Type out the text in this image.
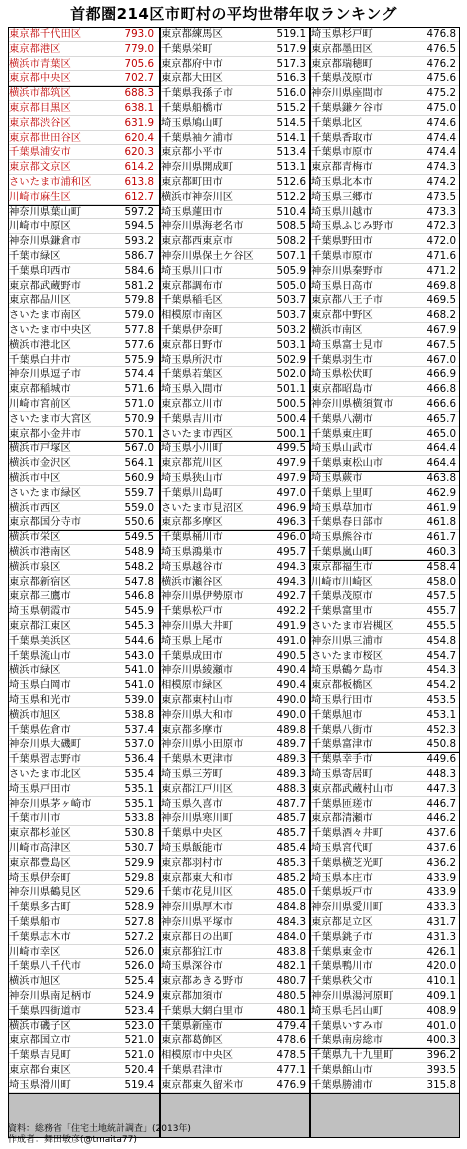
首都圏214区市町村の平均世帯年収ランキング
東京都千代田区	793.0
東京都港区	779.0
横浜市青葉区	705.6
東京都中央区	702.7
横浜市都筑区	688.3
東京都目黒区	638.1
東京都渋谷区	631.9
東京都世田谷区	620.4
千葉県浦安市	620.3
東京都文京区	614.2
さいたま市浦和区	613.8
川崎市麻生区	612.7
神奈川県葉山町	597.2
川崎市中原区	594.5
神奈川県鎌倉市	593.2
千葉市緑区	586.7
千葉県印西市	584.6
東京都武蔵野市	581.2
東京都品川区	579.8
さいたま市南区	579.0
さいたま市中央区	577.8
横浜市港北区	577.6
千葉県白井市	575.9
神奈川県逗子市	574.4
東京都稲城市	571.6
川崎市宮前区	571.0
さいたま市大宮区	570.9
東京都小金井市	570.1
横浜市戸塚区	567.0
横浜市金沢区	564.1
横浜市中区	560.9
さいたま市緑区	559.7
横浜市西区	559.0
東京都国分寺市	550.6
横浜市栄区	549.5
横浜市港南区	548.9
横浜市泉区	548.2
東京都新宿区	547.8
東京都三鷹市	546.8
埼玉県朝霞市	545.9
東京都江東区	545.3
千葉県美浜区	544.6
千葉県流山市	543.0
横浜市緑区	541.0
埼玉県白岡市	541.0
埼玉県和光市	539.0
横浜市旭区	538.8
千葉県佐倉市	537.4
神奈川県大磯町	537.0
千葉県習志野市	536.4
さいたま市北区	535.4
埼玉県戸田市	535.1
神奈川県茅ヶ崎市	535.1
千葉市川市	533.8
東京都杉並区	530.8
川崎市高津区	530.7
東京都豊島区	529.9
埼玉県伊奈町	529.8
神奈川県鶴見区	529.6
千葉県多古町	528.9
千葉県船市	527.8
千葉県志木市	527.2
川崎市幸区	526.0
千葉県八千代市	526.0
横浜市旭区	525.4
神奈川県南足柄市	524.9
千葉県四街道市	523.4
横浜市磯子区	523.0
東京都国立市	521.0
千葉県吉見町	521.0
東京都台東区	520.4
埼玉県滑川町	519.4
東京都練馬区	519.1
千葉県栄町	517.9
東京都府中市	517.3
東京都大田区	516.3
千葉県我孫子市	516.0
千葉県船橋市	515.2
埼玉県鳩山町	514.5
千葉県袖ケ浦市	514.1
東京都小平市	513.4
神奈川県開成町	513.1
東京都町田市	512.6
横浜市神奈川区	512.2
埼玉県蓮田市	510.4
神奈川県海老名市	508.5
東京都西東京市	508.2
神奈川県保土ケ谷区	507.1
埼玉県川口市	505.9
東京都調布市	505.0
千葉県稲毛区	503.7
相模原市南区	503.7
千葉県伊奈町	503.2
東京都日野市	503.1
埼玉県所沢市	502.9
千葉県若葉区	502.0
埼玉県入間市	501.1
東京都立川市	500.5
千葉県吉川市	500.4
さいたま市西区	500.1
埼玉県小川町	499.5
東京都荒川区	497.9
埼玉県狭山市	497.9
千葉県川島町	497.0
さいたま市見沼区	496.9
東京都多摩区	496.3
千葉県桶川市	496.0
埼玉県鴻巣市	495.7
埼玉県越谷市	494.3
横浜市瀬谷区	494.3
神奈川県伊勢原市	492.7
千葉県松戸市	492.2
神奈川県大井町	491.9
埼玉県上尾市	491.0
千葉県成田市	490.5
神奈川県綾瀬市	490.4
相模原市緑区	490.4
東京都東村山市	490.0
神奈川県大和市	490.0
東京都多摩市	489.8
神奈川県小田原市	489.7
千葉県木更津市	489.3
埼玉県三芳町	489.3
東京都江戸川区	488.3
埼玉県久喜市	487.7
神奈川県寒川町	485.7
千葉県中央区	485.7
埼玉県飯能市	485.4
東京都羽村市	485.3
東京都東大和市	485.2
千葉市花見川区	485.0
神奈川県厚木市	484.8
神奈川県平塚市	484.3
東京都日の出町	484.0
東京都狛江市	483.8
埼玉県深谷市	482.1
東京都あきる野市	480.7
東京都加須市	480.5
千葉県大網白里市	480.1
千葉県新座市	479.4
東京都葛飾区	478.6
相模原市中央区	478.5
千葉県君津市	477.1
東京都東久留米市	476.9
埼玉県杉戸町	476.8
東京都墨田区	476.5
東京都瑞穂町	476.2
千葉県茂原市	475.6
神奈川県座間市	475.2
千葉県鎌ケ谷市	475.0
千葉県北区	474.6
千葉県香取市	474.4
千葉県市原市	474.4
東京都青梅市	474.3
埼玉県北本市	474.2
埼玉県三郷市	473.5
埼玉県川越市	473.3
埼玉県ふじみ野市	472.3
千葉県野田市	472.0
千葉県市原市	471.6
神奈川県秦野市	471.2
埼玉県日高市	469.8
東京都八王子市	469.5
東京都中野区	468.2
横浜市南区	467.9
埼玉県富士見市	467.5
千葉県羽生市	467.0
埼玉県松伏町	466.9
東京都昭島市	466.8
神奈川県横須賀市	466.6
千葉県八潮市	465.7
千葉県東庄町	465.0
埼玉県山武市	464.4
千葉県東松山市	464.4
埼玉県蕨市	463.8
千葉県上里町	462.9
埼玉県草加市	461.9
千葉県春日部市	461.8
埼玉県熊谷市	461.7
千葉県嵐山町	460.3
東京都福生市	458.4
川崎市川崎区	458.0
千葉県茂原市	457.5
千葉県富里市	455.7
さいたま市岩槻区	455.5
神奈川県三浦市	454.8
さいたま市桜区	454.7
埼玉県鶴ケ島市	454.3
東京都板橋区	454.2
埼玉県行田市	453.5
千葉県旭市	453.1
千葉県八街市	452.3
千葉県富津市	450.8
千葉県幸手市	449.6
埼玉県寄居町	448.3
東京都武蔵村山市	447.3
千葉県匝瑳市	446.7
東京都清瀬市	446.2
千葉県酒々井町	437.6
埼玉県宮代町	437.6
千葉県横芝光町	436.2
埼玉県本庄市	433.9
千葉県坂戸市	433.9
神奈川県愛川町	433.3
東京都足立区	431.7
千葉県銚子市	431.3
千葉県東金市	426.1
千葉県鴨川市	420.0
千葉県秩父市	410.1
神奈川県湯河原町	409.1
埼玉県毛呂山町	408.9
千葉県いすみ市	401.0
千葉県南房総市	400.3
千葉県九十九里町	396.2
千葉県館山市	393.5
千葉県勝浦市	315.8
資料：総務省「住宅土地統計調査」(2013年)
作成者：舞田敏彦(@tmaita77)
